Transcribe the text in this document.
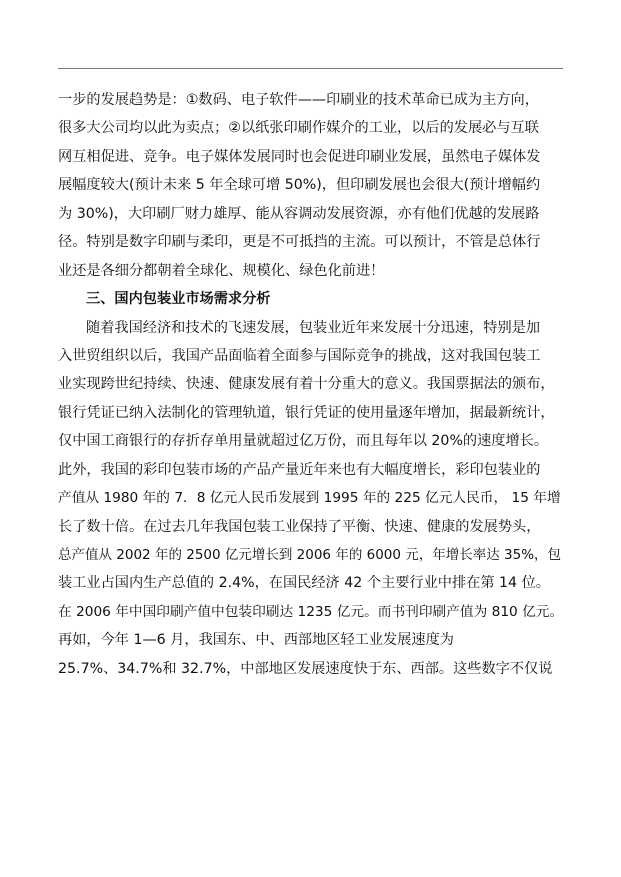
一步的发展趋势是：①数码、电子软件——印刷业的技术革命已成为主方向，
很多大公司均以此为卖点；②以纸张印刷作媒介的工业，以后的发展必与互联
网互相促进、竞争。电子媒体发展同时也会促进印刷业发展，虽然电子媒体发
展幅度较大(预计未来 5 年全球可增 50%)，但印刷发展也会很大(预计增幅约
为 30%)，大印刷厂财力雄厚、能从容调动发展资源，亦有他们优越的发展路
径。特别是数字印刷与柔印，更是不可抵挡的主流。可以预计，不管是总体行
业还是各细分都朝着全球化、规模化、绿色化前进！
三、国内包装业市场需求分析
随着我国经济和技术的飞速发展，包装业近年来发展十分迅速，特别是加
入世贸组织以后，我国产品面临着全面参与国际竞争的挑战，这对我国包装工
业实现跨世纪持续、快速、健康发展有着十分重大的意义。我国票据法的颁布，
银行凭证已纳入法制化的管理轨道，银行凭证的使用量逐年增加，据最新统计，
仅中国工商银行的存折存单用量就超过亿万份，而且每年以 20%的速度增长。
此外，我国的彩印包装市场的产品产量近年来也有大幅度增长，彩印包装业的
产值从 1980 年的 7．8 亿元人民币发展到 1995 年的 225 亿元人民币， 15 年增
长了数十倍。在过去几年我国包装工业保持了平衡、快速、健康的发展势头，
总产值从 2002 年的 2500 亿元增长到 2006 年的 6000 元，年增长率达 35%，包
装工业占国内生产总值的 2.4%，在国民经济 42 个主要行业中排在第 14 位。
在 2006 年中国印刷产值中包装印刷达 1235 亿元。而书刊印刷产值为 810 亿元。
再如，今年 1—6 月，我国东、中、西部地区轻工业发展速度为
25.7%、34.7%和 32.7%，中部地区发展速度快于东、西部。这些数字不仅说
